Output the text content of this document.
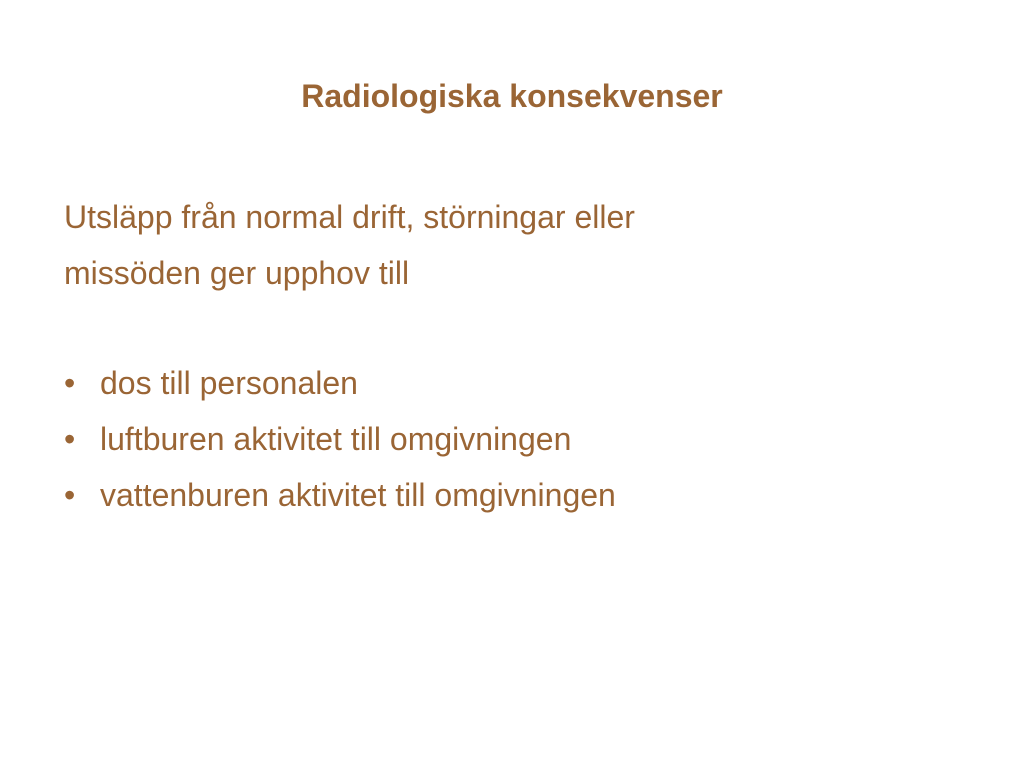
Radiologiska konsekvenser
Utsläpp från normal drift, störningar eller
missöden ger upphov till
• dos till personalen
• luftburen aktivitet till omgivningen
• vattenburen aktivitet till omgivningen
